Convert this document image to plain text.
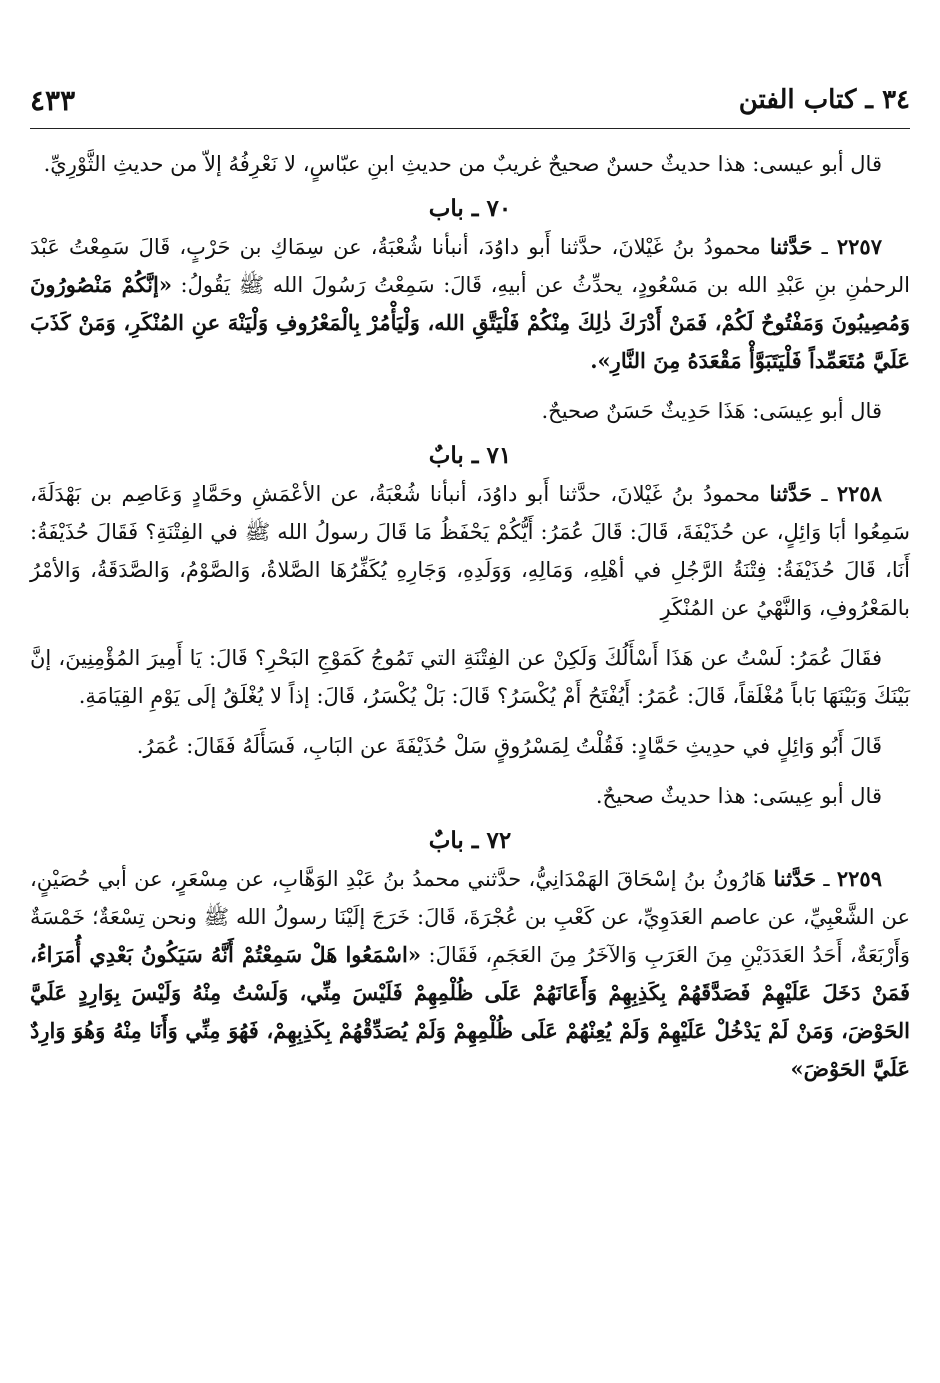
٤٣٣	٣٤ ـ كتاب الفتن

قال أبو عيسى: هذا حديثٌ حسنٌ صحيحٌ غريبٌ من حديثِ ابنِ عبّاسٍ، لا نَعْرِفُهُ إلاّ من حديثِ الثَّوْرِيِّ.

٧٠ ـ باب

٢٢٥٧ ـ حَدَّثنا محمودُ بنُ غَيْلانَ، حدَّثنا أَبو داوُدَ، أنبأنا شُعْبَةُ، عن سِمَاكِ بن حَرْبٍ، قَالَ سَمِعْتُ عَبْدَ الرحمٰنِ بنِ عَبْدِ الله بن مَسْعُودٍ، يحدِّثُ عن أبيهِ، قَالَ: سَمِعْتُ رَسُولَ الله ﷺ يَقُولُ: «إنَّكُمْ مَنْصُورُونَ وَمُصِيبُونَ وَمَفْتُوحٌ لَكُمْ، فَمَنْ أَدْرَكَ ذٰلِكَ مِنْكُمْ فَلْيَتَّقِ الله، وَلْيَأْمُرْ بِالْمَعْرُوفِ وَلْيَنْهَ عنِ المُنْكَرِ، وَمَنْ كَذَبَ عَلَيَّ مُتَعَمِّداً فَلْيَتَبَوَّأْ مَقْعَدَهُ مِنَ النَّارِ».

قال أبو عِيسَى: هَذَا حَدِيثٌ حَسَنٌ صحيحٌ.

٧١ ـ بابٌ

٢٢٥٨ ـ حَدَّثنا محمودُ بنُ غَيْلانَ، حدَّثنا أَبو داوُدَ، أنبأنا شُعْبَةُ، عن الأعْمَشِ وحَمَّادٍ وَعَاصِم بن بَهْدَلَةَ، سَمِعُوا أبَا وَائِلٍ، عن حُذَيْفَةَ، قَالَ: قَالَ عُمَرُ: أَيُّكُمْ يَحْفَظُ مَا قَالَ رسولُ الله ﷺ في الفِتْنَةِ؟ فَقَالَ حُذَيْفَةُ: أَنَا، قَالَ حُذَيْفَةُ: فِتْنَةُ الرَّجُلِ في أهْلِهِ، وَمَالِهِ، وَوَلَدِهِ، وَجَارِهِ يُكَفِّرُهَا الصَّلاةُ، وَالصَّوْمُ، وَالصَّدَقَةُ، وَالأمْرُ بالمَعْرُوفِ، وَالنَّهْيُ عن المُنْكَرِ

فقَالَ عُمَرُ: لَسْتُ عن هَذَا أَسْأَلُكَ وَلَكِنْ عن الفِتْنَةِ التي تَمُوجُ كَمَوْجِ البَحْرِ؟ قَالَ: يَا أَمِيرَ المُؤْمِنِينَ، إنَّ بَيْنَكَ وَبَيْنَهَا بَاباً مُغْلَقاً، قَالَ: عُمَرُ: أَيُفْتَحُ أَمْ يُكْسَرُ؟ قَالَ: بَلْ يُكْسَرُ، قَالَ: إذاً لا يُغْلَقُ إلَى يَوْمِ القِيَامَةِ.

قَالَ أَبُو وَائِلٍ في حدِيثِ حَمَّادٍ: فَقُلْتُ لِمَسْرُوقٍ سَلْ حُذَيْفَةَ عن البَابِ، فَسَأَلَهُ فَقَالَ: عُمَرُ.

قال أبو عِيسَى: هذا حديثٌ صحيحٌ.

٧٢ ـ بابٌ

٢٢٥٩ ـ حَدَّثنا هَارُونُ بنُ إسْحَاقَ الهَمْدَانِيُّ، حدَّثني محمدُ بنُ عَبْدِ الوَهَّابِ، عن مِسْعَرٍ، عن أبي حُصَيْنٍ، عن الشَّعْبِيِّ، عن عاصم العَدَوِيِّ، عن كَعْبِ بن عُجْرَةَ، قَالَ: خَرَجَ إلَيْنَا رسولُ الله ﷺ ونحن تِسْعَةٌ؛ خَمْسَةٌ وَأَرْبَعَةٌ، أَحَدُ العَدَدَيْنِ مِنَ العَرَبِ وَالآخَرُ مِنَ العَجَمِ، فَقَالَ: «اسْمَعُوا هَلْ سَمِعْتُمْ أَنَّهُ سَيَكُونُ بَعْدِي أُمَرَاءُ، فَمَنْ دَخَلَ عَلَيْهِمْ فَصَدَّقَهُمْ بِكَذِبِهِمْ وَأَعَانَهُمْ عَلَى ظُلْمِهِمْ فَلَيْسَ مِنِّي، وَلَسْتُ مِنْهُ وَلَيْسَ بِوَارِدٍ عَلَيَّ الحَوْضَ، وَمَنْ لَمْ يَدْخُلْ عَلَيْهِمْ وَلَمْ يُعِنْهُمْ عَلَى ظُلْمِهِمْ وَلَمْ يُصَدِّقْهُمْ بِكَذِبِهِمْ، فَهُوَ مِنِّي وَأَنَا مِنْهُ وَهُوَ وَارِدٌ عَلَيَّ الحَوْضَ»
